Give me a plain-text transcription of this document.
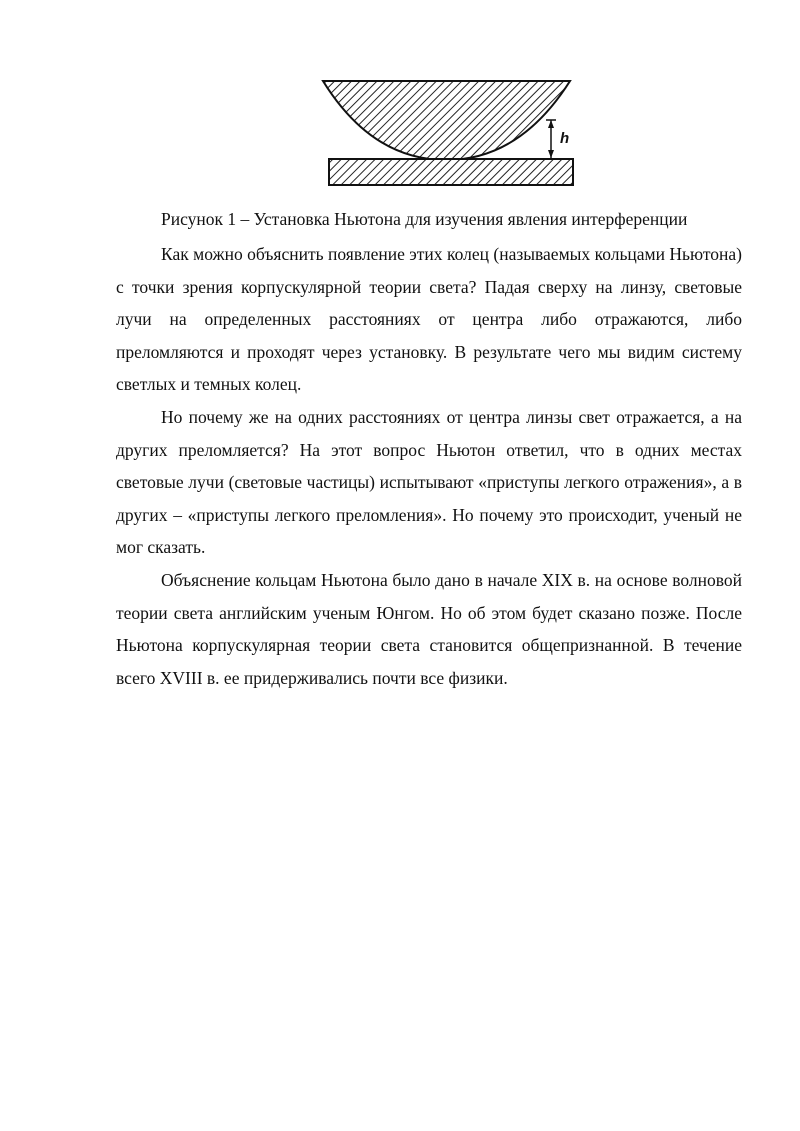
h
Рисунок 1 – Установка Ньютона для изучения явления интерференции

Как можно объяснить появление этих колец (называемых кольцами Ньютона) с точки зрения корпускулярной теории света? Падая сверху на линзу, световые лучи на определенных расстояниях от центра либо отражаются, либо преломляются и проходят через установку. В результате чего мы видим систему светлых и темных колец.

Но почему же на одних расстояниях от центра линзы свет отражается, а на других преломляется? На этот вопрос Ньютон ответил, что в одних местах световые лучи (световые частицы) испытывают «приступы легкого отражения», а в других – «приступы легкого преломления». Но почему это происходит, ученый не мог сказать.

Объяснение кольцам Ньютона было дано в начале XIX в. на основе волновой теории света английским ученым Юнгом. Но об этом будет сказано позже. После Ньютона корпускулярная теории света становится общепризнанной. В течение всего XVIII в. ее придерживались почти все физики.
